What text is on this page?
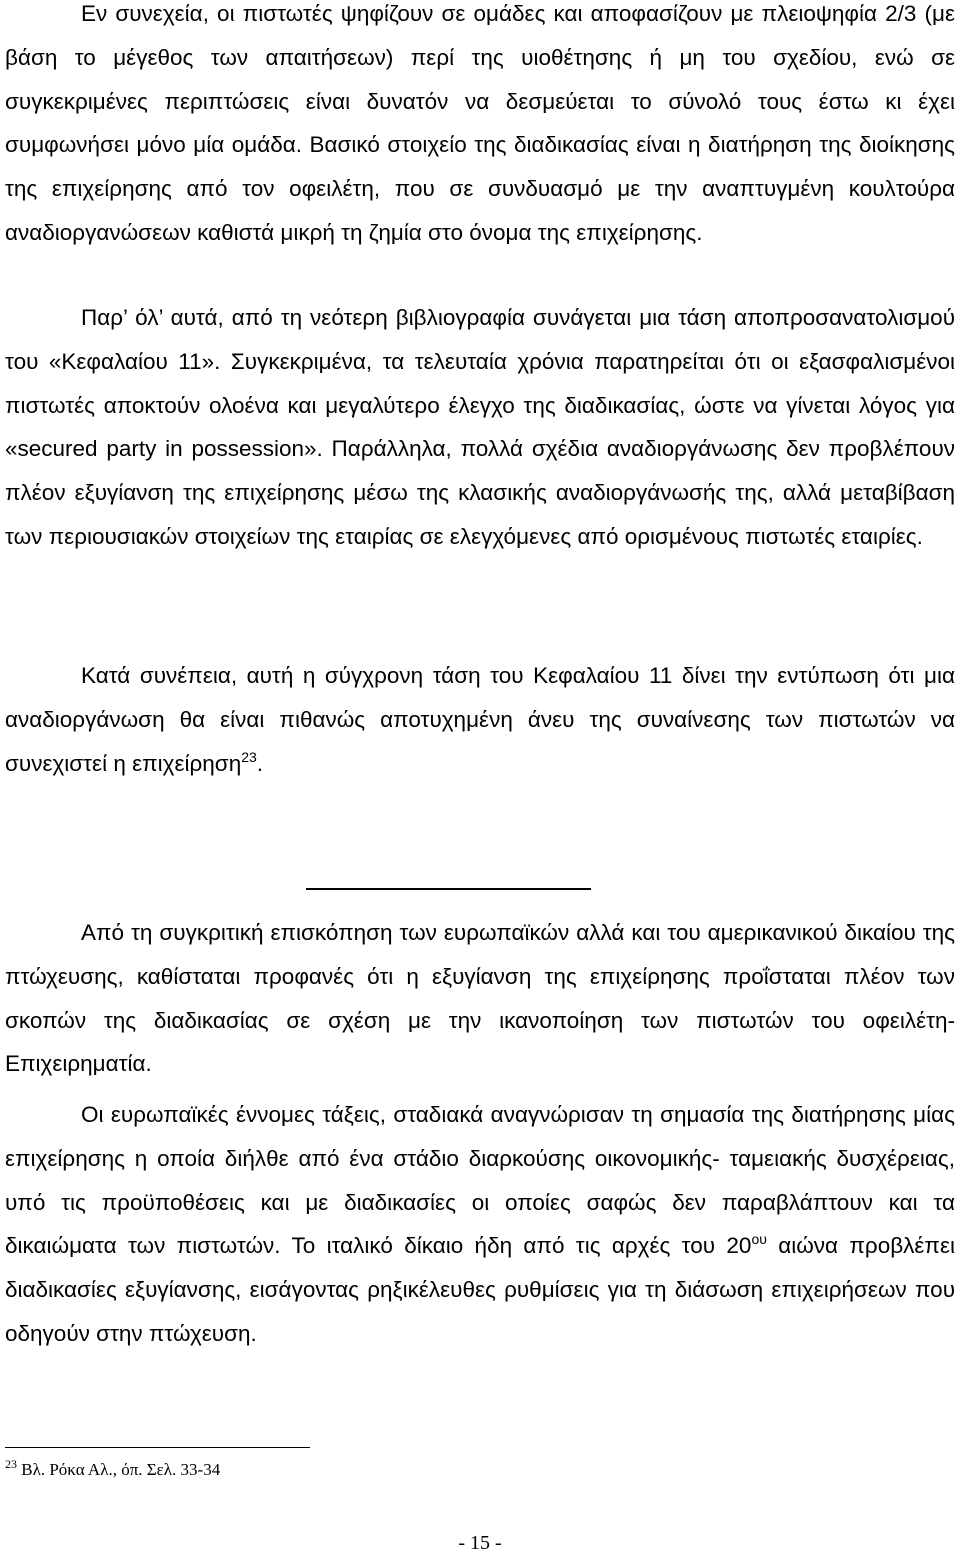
Εν συνεχεία, οι πιστωτές ψηφίζουν σε ομάδες και αποφασίζουν με πλειοψηφία 2/3 (με βάση το μέγεθος των απαιτήσεων) περί της υιοθέτησης ή μη του σχεδίου, ενώ σε συγκεκριμένες περιπτώσεις είναι δυνατόν να δεσμεύεται το σύνολό τους έστω κι έχει συμφωνήσει μόνο μία ομάδα. Βασικό στοιχείο της διαδικασίας είναι η διατήρηση της διοίκησης της επιχείρησης από τον οφειλέτη, που σε συνδυασμό με την αναπτυγμένη κουλτούρα αναδιοργανώσεων καθιστά μικρή τη ζημία στο όνομα της επιχείρησης.

Παρ’ όλ’ αυτά, από τη νεότερη βιβλιογραφία συνάγεται μια τάση αποπροσανατολισμού του «Κεφαλαίου 11». Συγκεκριμένα, τα τελευταία χρόνια παρατηρείται ότι οι εξασφαλισμένοι πιστωτές αποκτούν ολοένα και μεγαλύτερο έλεγχο της διαδικασίας, ώστε να γίνεται λόγος για «secured party in possession». Παράλληλα, πολλά σχέδια αναδιοργάνωσης δεν προβλέπουν πλέον εξυγίανση της επιχείρησης μέσω της κλασικής αναδιοργάνωσής της, αλλά μεταβίβαση των περιουσιακών στοιχείων της εταιρίας σε ελεγχόμενες από ορισμένους πιστωτές εταιρίες.

Κατά συνέπεια, αυτή η σύγχρονη τάση του Κεφαλαίου 11 δίνει την εντύπωση ότι μια αναδιοργάνωση θα είναι πιθανώς αποτυχημένη άνευ της συναίνεσης των πιστωτών να συνεχιστεί η επιχείρηση$^{23}$.

Από τη συγκριτική επισκόπηση των ευρωπαϊκών αλλά και του αμερικανικού δικαίου της πτώχευσης, καθίσταται προφανές ότι η εξυγίανση της επιχείρησης προΐσταται πλέον των σκοπών της διαδικασίας σε σχέση με την ικανοποίηση των πιστωτών του οφειλέτη- Επιχειρηματία.

Οι ευρωπαϊκές έννομες τάξεις, σταδιακά αναγνώρισαν τη σημασία της διατήρησης μίας επιχείρησης η οποία διήλθε από ένα στάδιο διαρκούσης οικονομικής- ταμειακής δυσχέρειας, υπό τις προϋποθέσεις και με διαδικασίες οι οποίες σαφώς δεν παραβλάπτουν και τα δικαιώματα των πιστωτών. Το ιταλικό δίκαιο ήδη από τις αρχές του $20^{o\upsilon}$ αιώνα προβλέπει διαδικασίες εξυγίανσης, εισάγοντας ρηξικέλευθες ρυθμίσεις για τη διάσωση επιχειρήσεων που οδηγούν στην πτώχευση.

$^{23}$ Βλ. Ρόκα Αλ., όπ. Σελ. 33-34

- 15 -
